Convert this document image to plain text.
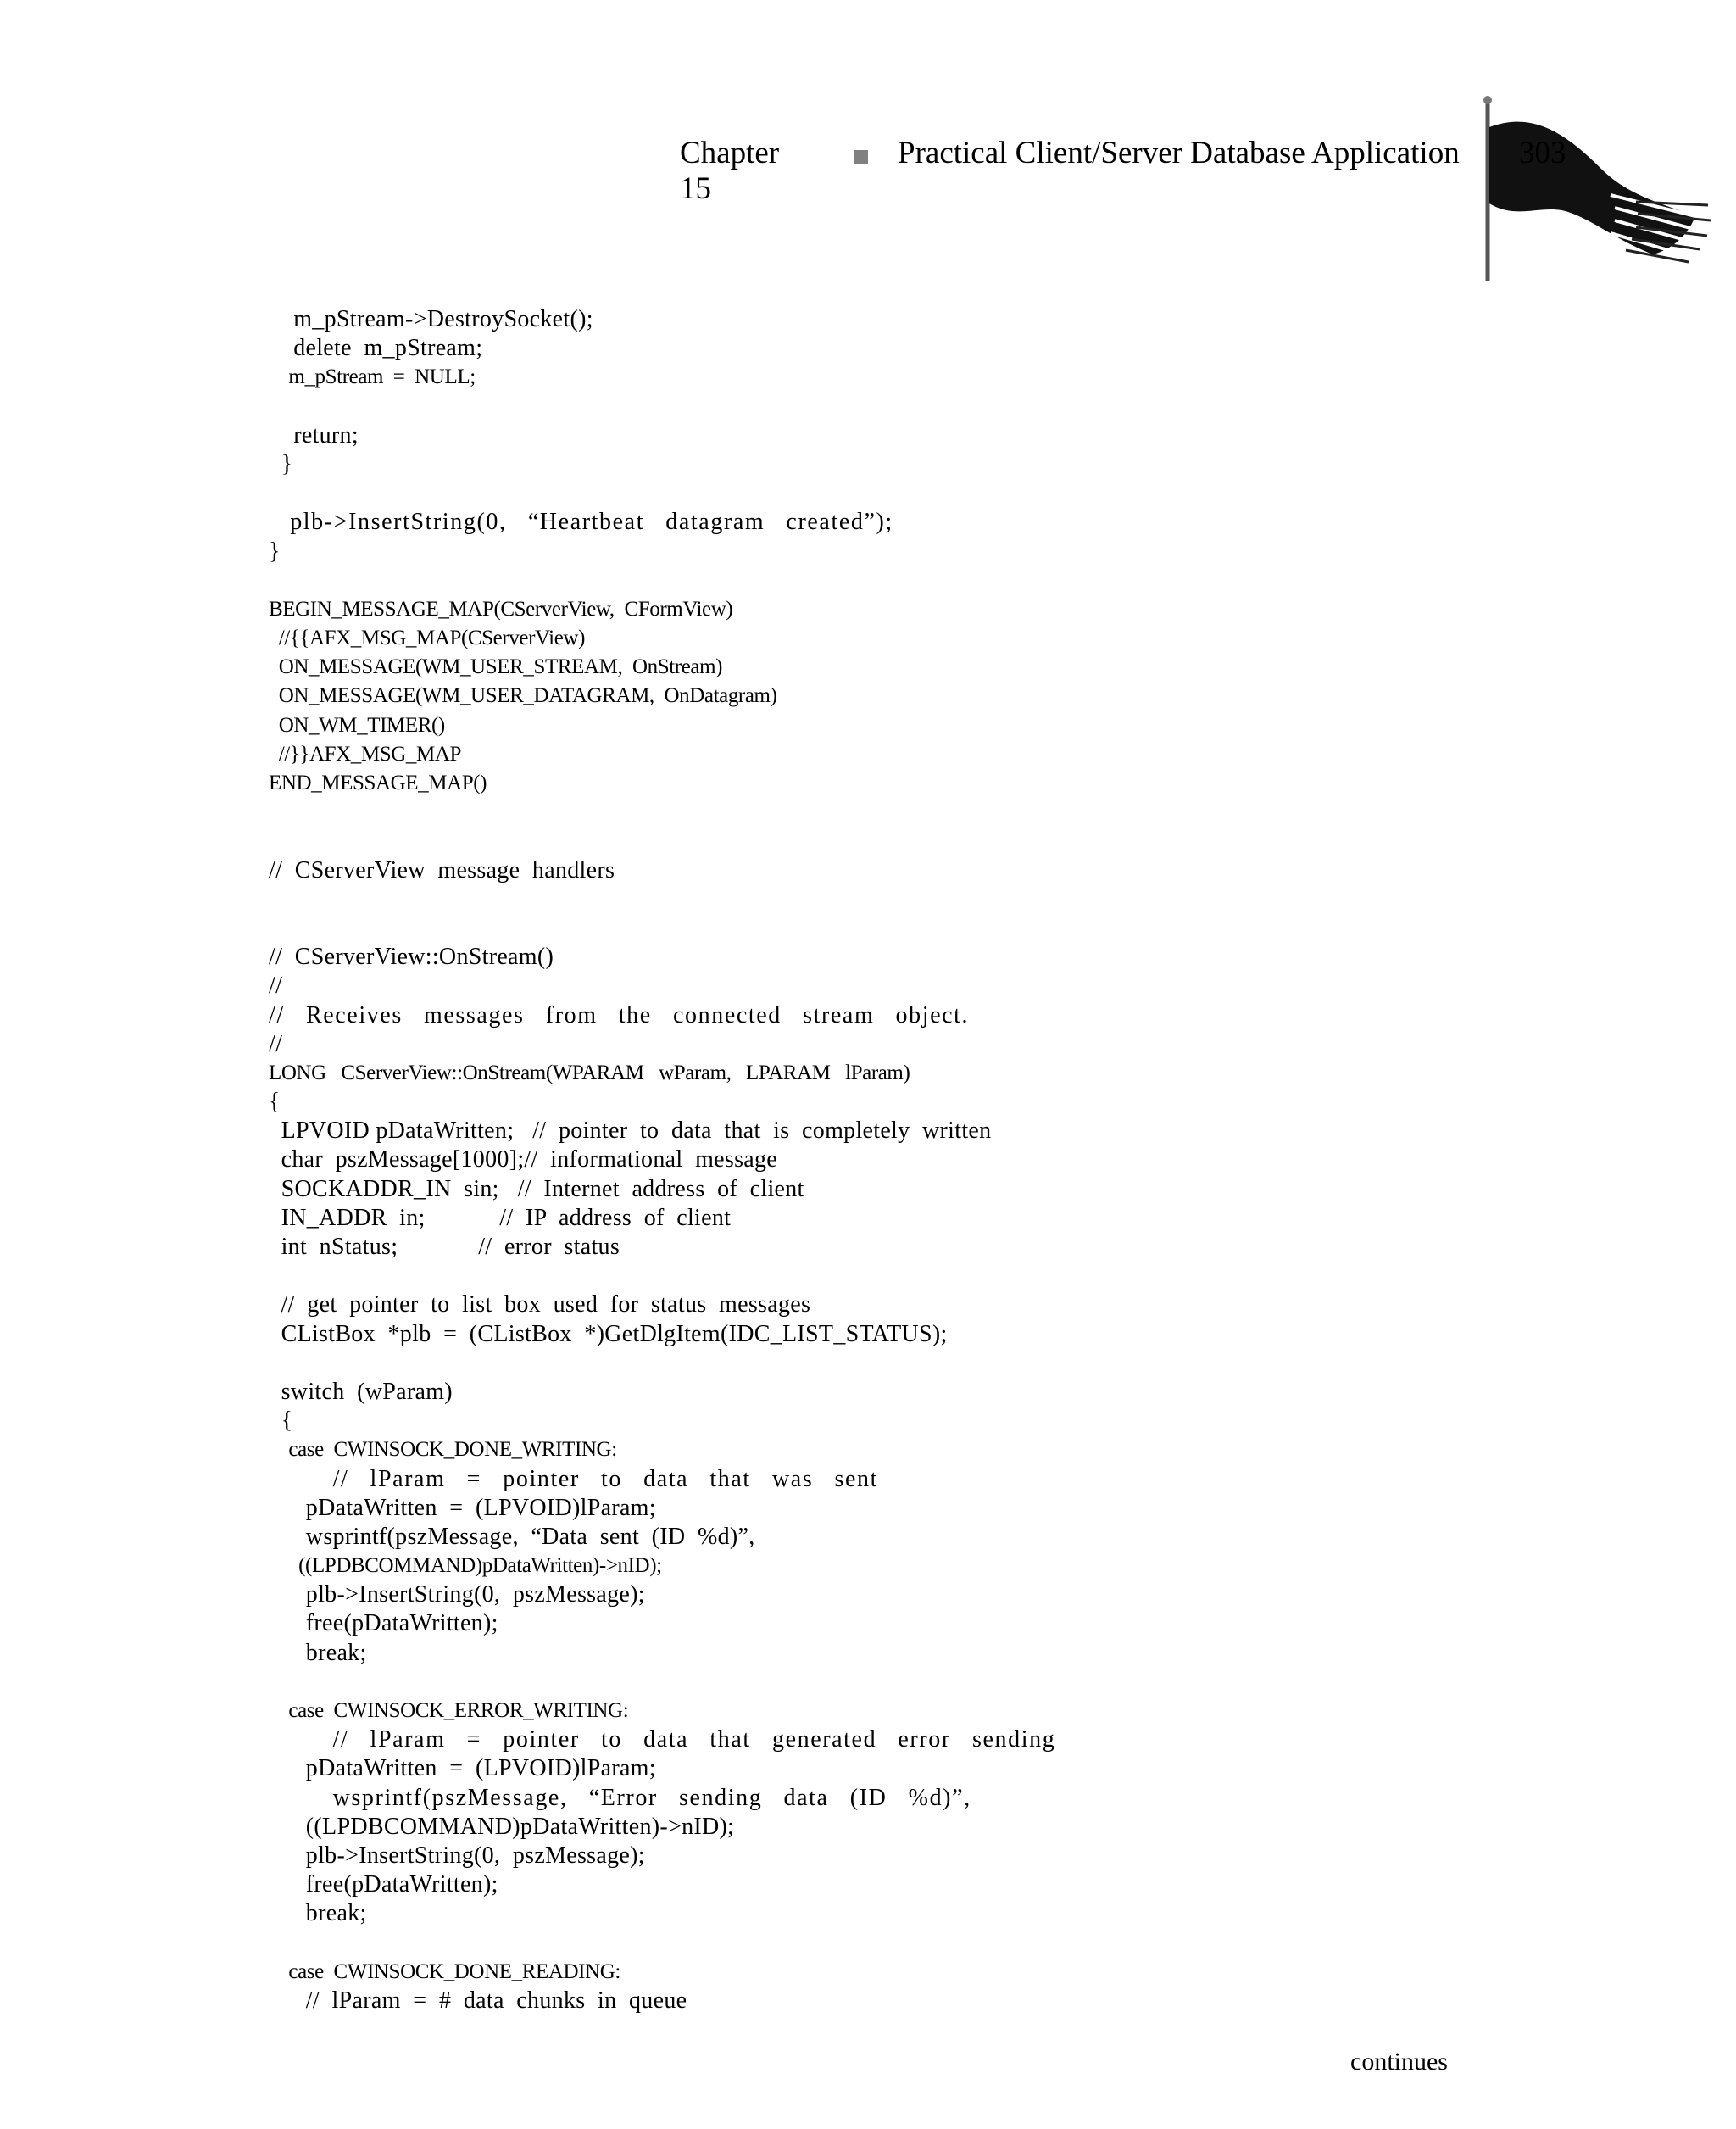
Chapter 15
Practical Client/Server Database Application 303
m_pStream->DestroySocket();
delete  m_pStream;
m_pStream  =  NULL;
return;
}
plb->InsertString(0,  “Heartbeat  datagram  created”);
}
BEGIN_MESSAGE_MAP(CServerView,  CFormView)
//{{AFX_MSG_MAP(CServerView)
ON_MESSAGE(WM_USER_STREAM,  OnStream)
ON_MESSAGE(WM_USER_DATAGRAM,  OnDatagram)
ON_WM_TIMER()
//}}AFX_MSG_MAP
END_MESSAGE_MAP()
//  CServerView  message  handlers
//  CServerView::OnStream()
//
//  Receives  messages  from  the  connected  stream  object.
//
LONG   CServerView::OnStream(WPARAM   wParam,   LPARAM   lParam)
{
LPVOID pDataWritten;   //  pointer  to  data  that  is  completely  written
char  pszMessage[1000];//  informational  message
SOCKADDR_IN  sin;   //  Internet  address  of  client
IN_ADDR  in;            //  IP  address  of  client
int  nStatus;             //  error  status
//  get  pointer  to  list  box  used  for  status  messages
CListBox  *plb  =  (CListBox  *)GetDlgItem(IDC_LIST_STATUS);
switch  (wParam)
{
case  CWINSOCK_DONE_WRITING:
//  lParam  =  pointer  to  data  that  was  sent
pDataWritten  =  (LPVOID)lParam;
wsprintf(pszMessage,  “Data  sent  (ID  %d)”,
((LPDBCOMMAND)pDataWritten)->nID);
plb->InsertString(0,  pszMessage);
free(pDataWritten);
break;
case  CWINSOCK_ERROR_WRITING:
//  lParam  =  pointer  to  data  that  generated  error  sending
pDataWritten  =  (LPVOID)lParam;
wsprintf(pszMessage,  “Error  sending  data  (ID  %d)”,
((LPDBCOMMAND)pDataWritten)->nID);
plb->InsertString(0,  pszMessage);
free(pDataWritten);
break;
case  CWINSOCK_DONE_READING:
//  lParam  =  #  data  chunks  in  queue
continues
